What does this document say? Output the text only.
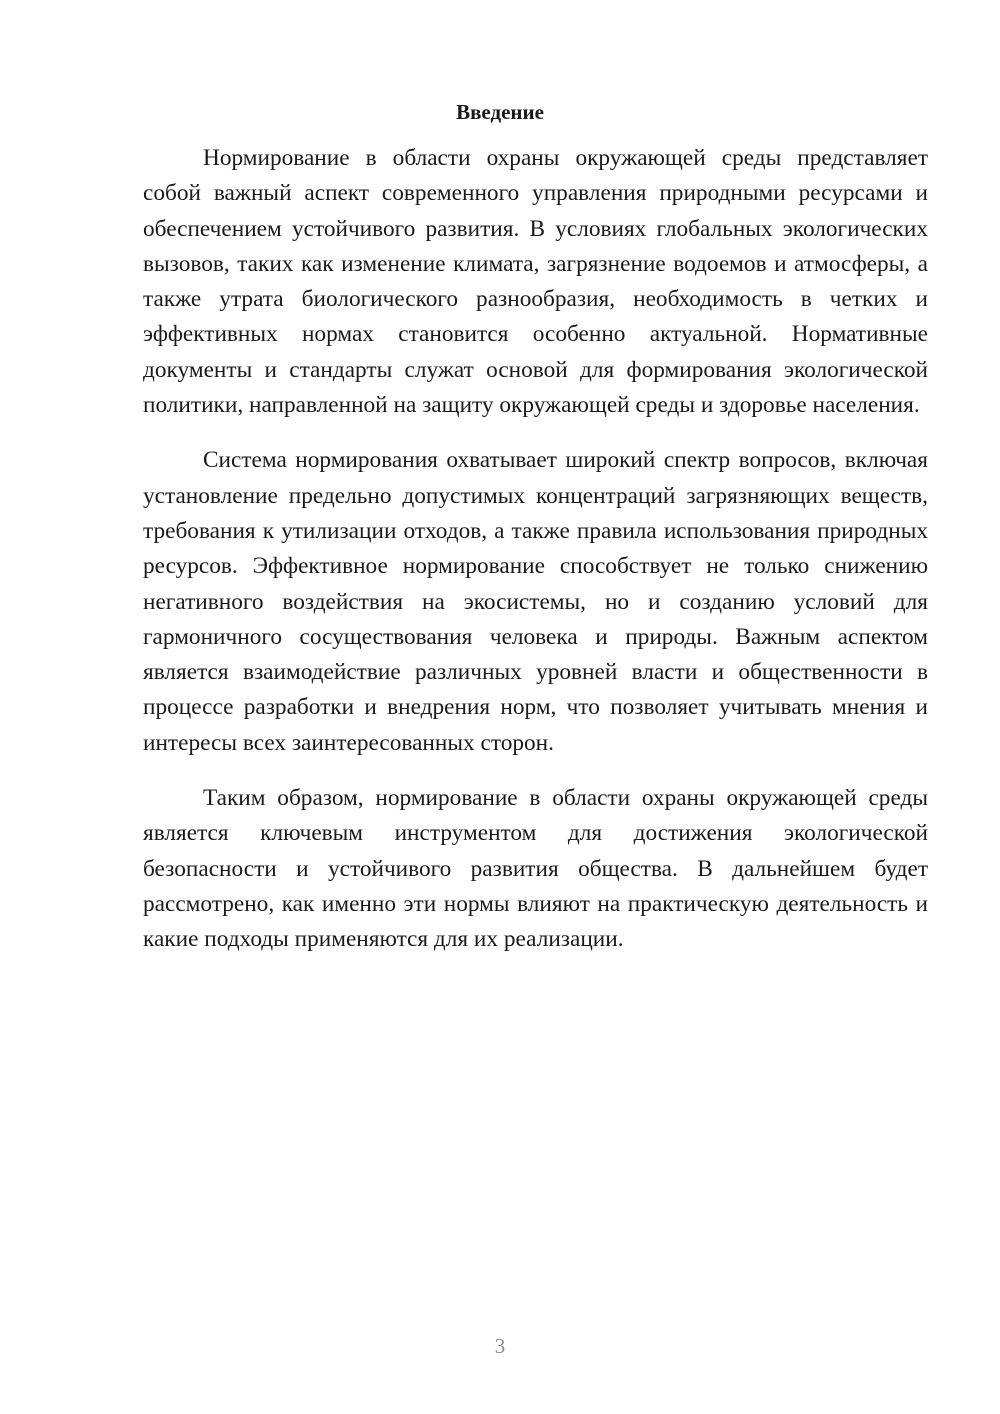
Введение

Нормирование в области охраны окружающей среды представляет собой важный аспект современного управления природными ресурсами и обеспечением устойчивого развития. В условиях глобальных экологических вызовов, таких как изменение климата, загрязнение водоемов и атмосферы, а также утрата биологического разнообразия, необходимость в четких и эффективных нормах становится особенно актуальной. Нормативные документы и стандарты служат основой для формирования экологической политики, направленной на защиту окружающей среды и здоровье населения.

Система нормирования охватывает широкий спектр вопросов, включая установление предельно допустимых концентраций загрязняющих веществ, требования к утилизации отходов, а также правила использования природных ресурсов. Эффективное нормирование способствует не только снижению негативного воздействия на экосистемы, но и созданию условий для гармоничного сосуществования человека и природы. Важным аспектом является взаимодействие различных уровней власти и общественности в процессе разработки и внедрения норм, что позволяет учитывать мнения и интересы всех заинтересованных сторон.

Таким образом, нормирование в области охраны окружающей среды является ключевым инструментом для достижения экологической безопасности и устойчивого развития общества. В дальнейшем будет рассмотрено, как именно эти нормы влияют на практическую деятельность и какие подходы применяются для их реализации.

3
